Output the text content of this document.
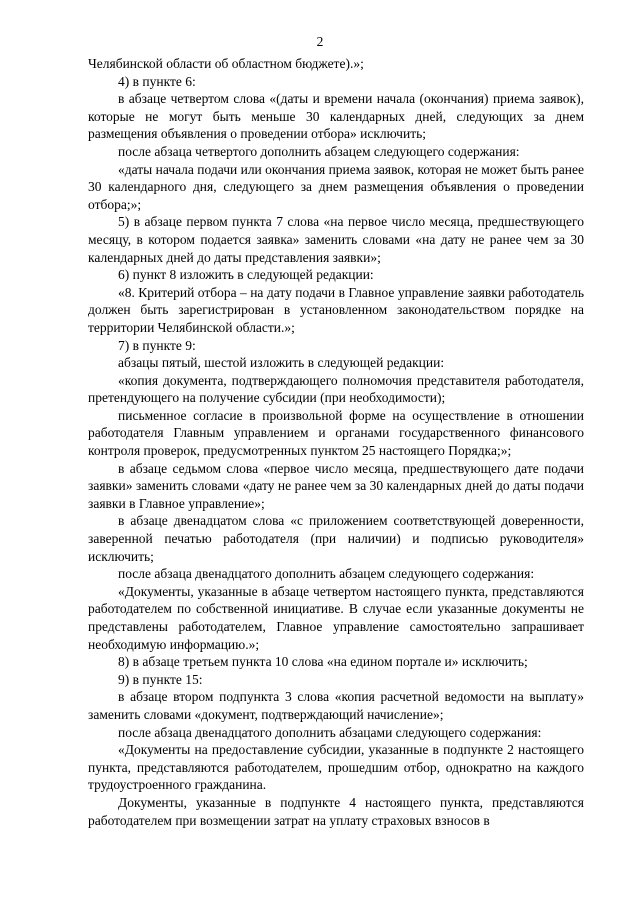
2

Челябинской области об областном бюджете).»;

4) в пункте 6:

в абзаце четвертом слова «(даты и времени начала (окончания) приема заявок), которые не могут быть меньше 30 календарных дней, следующих за днем размещения объявления о проведении отбора» исключить;

после абзаца четвертого дополнить абзацем следующего содержания:

«даты начала подачи или окончания приема заявок, которая не может быть ранее 30 календарного дня, следующего за днем размещения объявления о проведении отбора;»;

5) в абзаце первом пункта 7 слова «на первое число месяца, предшествующего месяцу, в котором подается заявка» заменить словами «на дату не ранее чем за 30 календарных дней до даты представления заявки»;

6) пункт 8 изложить в следующей редакции:

«8. Критерий отбора – на дату подачи в Главное управление заявки работодатель должен быть зарегистрирован в установленном законодательством порядке на территории Челябинской области.»;

7) в пункте 9:

абзацы пятый, шестой изложить в следующей редакции:

«копия документа, подтверждающего полномочия представителя работодателя, претендующего на получение субсидии (при необходимости);

письменное согласие в произвольной форме на осуществление в отношении работодателя Главным управлением и органами государственного финансового контроля проверок, предусмотренных пунктом 25 настоящего Порядка;»;

в абзаце седьмом слова «первое число месяца, предшествующего дате подачи заявки» заменить словами «дату не ранее чем за 30 календарных дней до даты подачи заявки в Главное управление»;

в абзаце двенадцатом слова «с приложением соответствующей доверенности, заверенной печатью работодателя (при наличии) и подписью руководителя» исключить;

после абзаца двенадцатого дополнить абзацем следующего содержания:

«Документы, указанные в абзаце четвертом настоящего пункта, представляются работодателем по собственной инициативе. В случае если указанные документы не представлены работодателем, Главное управление самостоятельно запрашивает необходимую информацию.»;

8) в абзаце третьем пункта 10 слова «на едином портале и» исключить;

9) в пункте 15:

в абзаце втором подпункта 3 слова «копия расчетной ведомости на выплату» заменить словами «документ, подтверждающий начисление»;

после абзаца двенадцатого дополнить абзацами следующего содержания:

«Документы на предоставление субсидии, указанные в подпункте 2 настоящего пункта, представляются работодателем, прошедшим отбор, однократно на каждого трудоустроенного гражданина.

Документы, указанные в подпункте 4 настоящего пункта, представляются работодателем при возмещении затрат на уплату страховых взносов в
